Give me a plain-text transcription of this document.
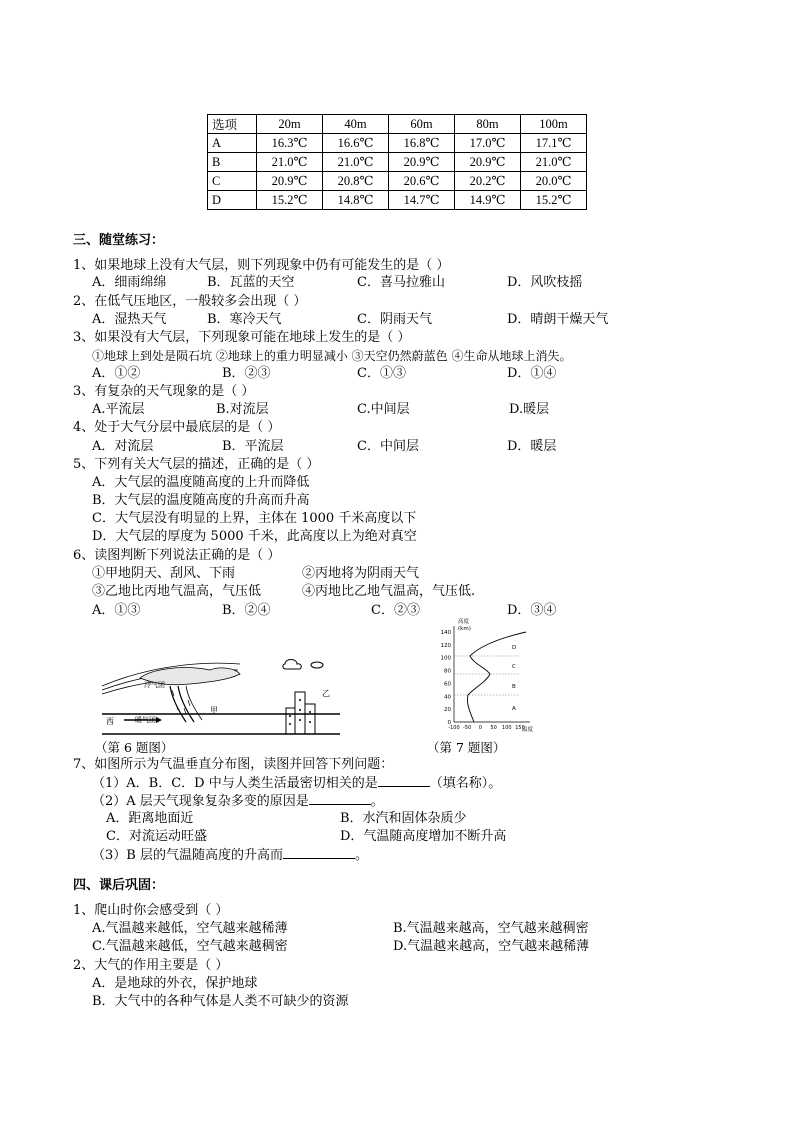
选项	20m	40m	60m	80m	100m
A	16.3℃	16.6℃	16.8℃	17.0℃	17.1℃
B	21.0℃	21.0℃	20.9℃	20.9℃	21.0℃
C	20.9℃	20.8℃	20.6℃	20.2℃	20.0℃
D	15.2℃	14.8℃	14.7℃	14.9℃	15.2℃
三、随堂练习：
1、如果地球上没有大气层，则下列现象中仍有可能发生的是（ ）
A．细雨绵绵	B．瓦蓝的天空	C．喜马拉雅山	D．风吹枝摇
2、在低气压地区，一般较多会出现（ ）
A．湿热天气	B．寒冷天气	C．阴雨天气	D．晴朗干燥天气
3、如果没有大气层，下列现象可能在地球上发生的是（ ）
①地球上到处是陨石坑 ②地球上的重力明显减小 ③天空仍然蔚蓝色 ④生命从地球上消失。
A．①②	B．②③	C．①③	D．①④
3、有复杂的天气现象的是（ ）
A.平流层	B.对流层	C.中间层	D.暖层
4、处于大气分层中最底层的是（ ）
A．对流层	B．平流层	C．中间层	D．暖层
5、下列有关大气层的描述，正确的是（ ）
A．大气层的温度随高度的上升而降低
B．大气层的温度随高度的升高而升高
C．大气层没有明显的上界，主体在 1000 千米高度以下
D．大气层的厚度为 5000 千米，此高度以上为绝对真空
6、读图判断下列说法正确的是（ ）
①甲地阴天、刮风、下雨	②丙地将为阴雨天气
③乙地比丙地气温高，气压低	④丙地比乙地气温高，气压低.
A．①③	B．②④	C．②③	D．③④
冷气团
暖气团
西
甲
乙
高度
(km)
温度
140
120
100
80
60
40
20
0
-100 -50 0 50 100 150
D
C
B
A
（第 6 题图）	（第 7 题图）
7、如图所示为气温垂直分布图，读图并回答下列问题：
（1）A．B．C．D 中与人类生活最密切相关的是	（填名称）。
（2）A 层天气现象复杂多变的原因是	。
A．距离地面近	B．水汽和固体杂质少
C．对流运动旺盛	D．气温随高度增加不断升高
（3）B 层的气温随高度的升高而	。
四、课后巩固：
1、爬山时你会感受到（ ）
A.气温越来越低，空气越来越稀薄	B.气温越来越高，空气越来越稠密
C.气温越来越低，空气越来越稠密	D.气温越来越高，空气越来越稀薄
2、大气的作用主要是（ ）
A．是地球的外衣，保护地球
B．大气中的各种气体是人类不可缺少的资源
